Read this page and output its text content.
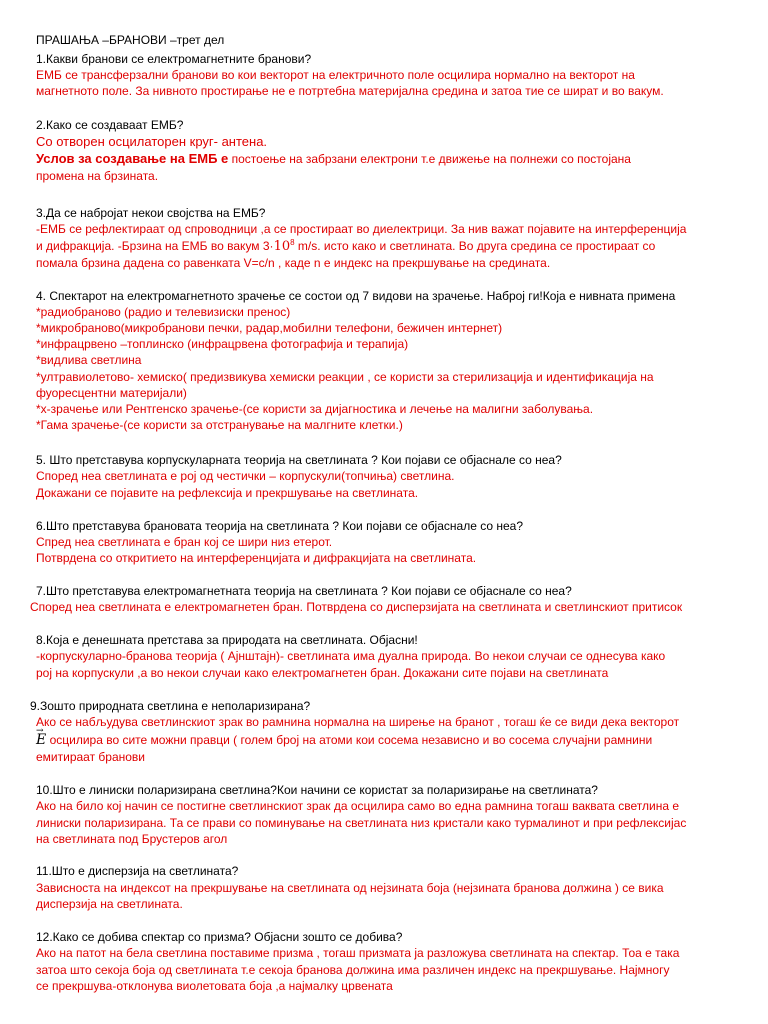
ПРАШАЊА –БРАНОВИ –трет дел
1.Какви бранови се електромагнетните бранови?
ЕМБ се трансферзални бранови во кои векторот на електричното поле осцилира нормално на векторот на
магнетното поле. За нивното простирање не е потртебна материјална средина и затоа тие се шират и во вакум.
2.Како се создаваат ЕМБ?
Со отворен осцилаторен круг- антена.
Услов за создавање на ЕМБ е постоење на забрзани електрони т.е движење на полнежи со постојана
промена на брзината.
3.Да се набројат некои својства на ЕМБ?
-ЕМБ се рефлектираат од спроводници ,а се простираат во диелектрици. За нив важат појавите на интерференција
и дифракција. -Брзина на ЕМБ во вакум $3\cdot 10^8$ m/s. исто како и светлината. Во друга средина се простираат со
помала брзина дадена со равенката V=c/n , каде n е индекс на прекршување на средината.
4. Спектарот на електромагнетното зрачење се состои од 7 видови на зрачење. Наброј ги!Која е нивната примена
*радиобраново (радио и телевизиски пренос)
*микробраново(микробранови печки, радар,мобилни телефони, бежичен интернет)
*инфрацрвено –топлинско (инфрацрвена фотографија и терапија)
*видлива светлина
*ултравиолетово- хемиско( предизвикува хемиски реакции , се користи за стерилизација и идентификација на
фуоресцентни материјали)
*х-зрачење или Рентгенско зрачење-(се користи за дијагностика и лечење на малигни заболувања.
*Гама зрачење-(се користи за отстранување на малгните клетки.)
5. Што претставува корпускуларната теорија на светлината ? Кои појави се објасналe со неа?
Според неа светлината е рој од честички – корпускули(топчиња) светлина.
Докажани се појавите на рефлексија и прекршување на светлината.
6.Што претставува брановата теорија на светлината ? Кои појави се објаснале со неа?
Спред неа светлината е бран кој се шири низ етерот.
Потврдена со откритието на интерференцијата и дифракцијата на светлината.
7.Што претставува електромагнетната теорија на светлината ? Кои појави се објаснале со неа?
Според неа светлината е електромагнетен бран. Потврдена со дисперзијата на светлината и светлинскиот притисок
8.Која е денешната претстава за природата на светлината. Објасни!
-корпускуларно-бранова теорија ( Ајнштајн)- светлината има дуална природа. Во некои случаи се однесува како
рој на корпускули ,а во некои случаи како електромагнетен бран. Докажани сите појави на светлината
9.Зошто природната светлина е неполаризирана?
Ако се набљудува светлинскиот зрак во рамнина нормална на ширење на бранот , тогаш ќе се види дека векторот
→ E осцилира во сите можни правци ( голем број на атоми кои сосема независно и во сосема случајни рамнини
емитираат бранови
10.Што е линиски поларизирана светлина?Кои начини се користат за поларизирање на светлината?
Ако на било кој начин се постигне светлинскиот зрак да осцилира само во една рамнина тогаш ваквата светлина е
линиски поларизирана. Та се прави со поминување на светлината низ кристали како турмалинот и при рефлексијас
на светлината под Брустеров агол
11.Што е дисперзија на светлината?
Зависноста на индексот на прекршување на светлината од нејзината боја (нејзината бранова должина ) се вика
дисперзија на светлината.
12.Како се добива спектар со призма? Објасни зошто се добива?
Ако на патот на бела светлина поставиме призма , тогаш призмата ја разложува светлината на спектар. Тоа е така
затоа што секоја боја од светлината т.е секоја бранова должина има различен индекс на прекршување. Најмногу
се прекршува-отклонува виолетовата боја ,а најмалку црвената
